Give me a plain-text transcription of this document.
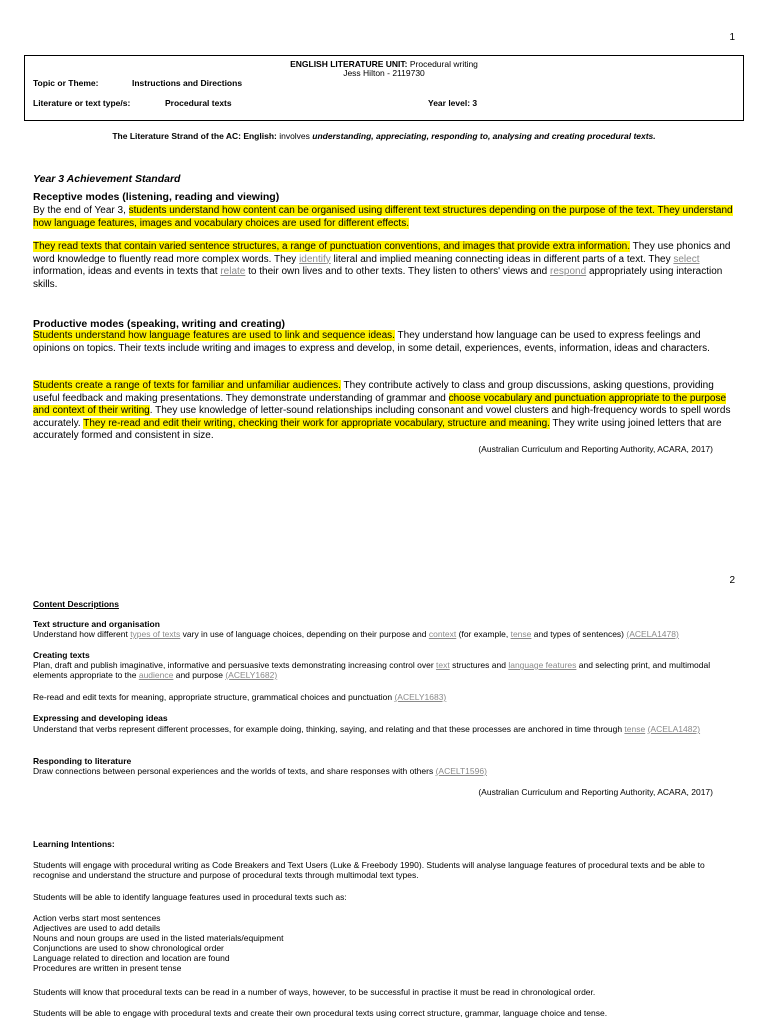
1
ENGLISH LITERATURE UNIT: Procedural writing
Jess Hilton - 2119730
Topic or Theme:	Instructions and Directions
Literature or text type/s:	Procedural texts	Year level: 3
The Literature Strand of the AC: English: involves understanding, appreciating, responding to, analysing and creating procedural texts.
Year 3 Achievement Standard
Receptive modes (listening, reading and viewing)
By the end of Year 3, students understand how content can be organised using different text structures depending on the purpose of the text. They understand how language features, images and vocabulary choices are used for different effects.
They read texts that contain varied sentence structures, a range of punctuation conventions, and images that provide extra information. They use phonics and word knowledge to fluently read more complex words. They identify literal and implied meaning connecting ideas in different parts of a text. They select information, ideas and events in texts that relate to their own lives and to other texts. They listen to others' views and respond appropriately using interaction skills.
Productive modes (speaking, writing and creating)
Students understand how language features are used to link and sequence ideas. They understand how language can be used to express feelings and opinions on topics. Their texts include writing and images to express and develop, in some detail, experiences, events, information, ideas and characters.
Students create a range of texts for familiar and unfamiliar audiences. They contribute actively to class and group discussions, asking questions, providing useful feedback and making presentations. They demonstrate understanding of grammar and choose vocabulary and punctuation appropriate to the purpose and context of their writing. They use knowledge of letter-sound relationships including consonant and vowel clusters and high-frequency words to spell words accurately. They re-read and edit their writing, checking their work for appropriate vocabulary, structure and meaning. They write using joined letters that are accurately formed and consistent in size.
(Australian Curriculum and Reporting Authority, ACARA, 2017)
2
Content Descriptions
Text structure and organisation
Understand how different types of texts vary in use of language choices, depending on their purpose and context (for example, tense and types of sentences) (ACELA1478)
Creating texts
Plan, draft and publish imaginative, informative and persuasive texts demonstrating increasing control over text structures and language features and selecting print, and multimodal elements appropriate to the audience and purpose (ACELY1682)
Re-read and edit texts for meaning, appropriate structure, grammatical choices and punctuation (ACELY1683)
Expressing and developing ideas
Understand that verbs represent different processes, for example doing, thinking, saying, and relating and that these processes are anchored in time through tense (ACELA1482)
Responding to literature
Draw connections between personal experiences and the worlds of texts, and share responses with others (ACELT1596)
(Australian Curriculum and Reporting Authority, ACARA, 2017)
Learning Intentions:
Students will engage with procedural writing as Code Breakers and Text Users (Luke & Freebody 1990). Students will analyse language features of procedural texts and be able to recognise and understand the structure and purpose of procedural texts through multimodal text types.
Students will be able to identify language features used in procedural texts such as:
Action verbs start most sentences
Adjectives are used to add details
Nouns and noun groups are used in the listed materials/equipment
Conjunctions are used to show chronological order
Language related to direction and location are found
Procedures are written in present tense
Students will know that procedural texts can be read in a number of ways, however, to be successful in practise it must be read in chronological order.
Students will be able to engage with procedural texts and create their own procedural texts using correct structure, grammar, language choice and tense.
